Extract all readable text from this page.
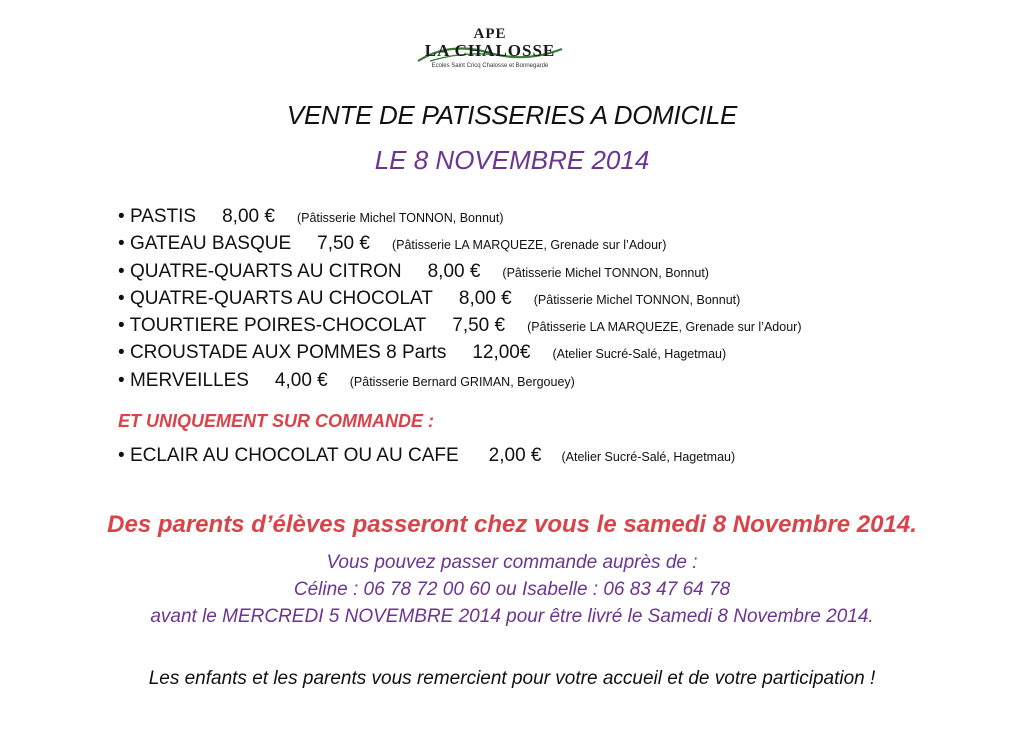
APE
LA CHALOSSE
Ecoles Saint Cricq Chalosse et Bonnegarde
VENTE DE PATISSERIES A DOMICILE
LE 8 NOVEMBRE 2014
• PASTIS 8,00 € (Pâtisserie Michel TONNON, Bonnut)
• GATEAU BASQUE 7,50 € (Pâtisserie LA MARQUEZE, Grenade sur l’Adour)
• QUATRE-QUARTS AU CITRON 8,00 € (Pâtisserie Michel TONNON, Bonnut)
• QUATRE-QUARTS AU CHOCOLAT 8,00 € (Pâtisserie Michel TONNON, Bonnut)
• TOURTIERE POIRES-CHOCOLAT 7,50 € (Pâtisserie LA MARQUEZE, Grenade sur l’Adour)
• CROUSTADE AUX POMMES 8 Parts 12,00€ (Atelier Sucré-Salé, Hagetmau)
• MERVEILLES 4,00 € (Pâtisserie Bernard GRIMAN, Bergouey)
ET UNIQUEMENT SUR COMMANDE :
• ECLAIR AU CHOCOLAT OU AU CAFE 2,00 € (Atelier Sucré-Salé, Hagetmau)
Des parents d’élèves passeront chez vous le samedi 8 Novembre 2014.
Vous pouvez passer commande auprès de :
Céline : 06 78 72 00 60 ou Isabelle : 06 83 47 64 78
avant le MERCREDI 5 NOVEMBRE 2014 pour être livré le Samedi 8 Novembre 2014.
Les enfants et les parents vous remercient pour votre accueil et de votre participation !
